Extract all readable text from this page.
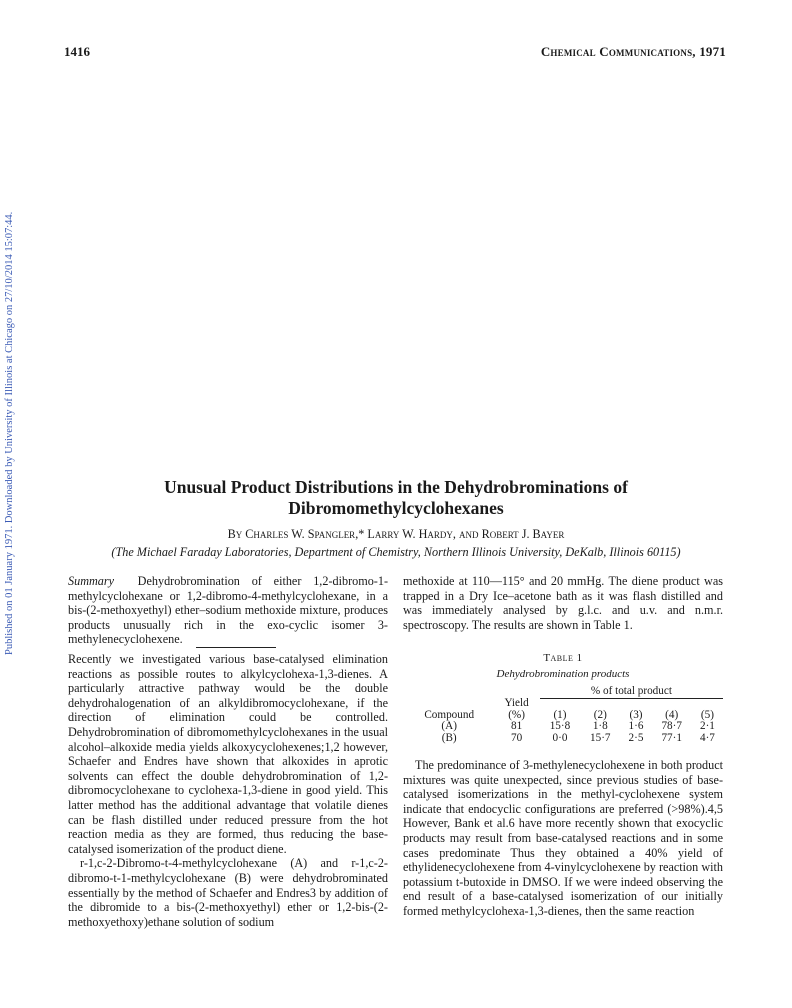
Published on 01 January 1971. Downloaded by University of Illinois at Chicago on 27/10/2014 15:07:44.
1416	Chemical Communications, 1971
Unusual Product Distributions in the Dehydrobrominations of
Dibromomethylcyclohexanes
By Charles W. Spangler,* Larry W. Hardy, and Robert J. Bayer
(The Michael Faraday Laboratories, Department of Chemistry, Northern Illinois University, DeKalb, Illinois 60115)
Summary Dehydrobromination of either 1,2-dibromo-1-methylcyclohexane or 1,2-dibromo-4-methylcyclohexane, in a bis-(2-methoxyethyl) ether–sodium methoxide mixture, produces products unusually rich in the exo-cyclic isomer 3-methylenecyclohexene.

Recently we investigated various base-catalysed elimination reactions as possible routes to alkylcyclohexa-1,3-dienes. A particularly attractive pathway would be the double dehydrohalogenation of an alkyldibromocyclohexane, if the direction of elimination could be controlled. Dehydrobromination of dibromomethylcyclohexanes in the usual alcohol–alkoxide media yields alkoxycyclohexenes;1,2 however, Schaefer and Endres have shown that alkoxides in aprotic solvents can effect the double dehydrobromination of 1,2-dibromocyclohexane to cyclohexa-1,3-diene in good yield. This latter method has the additional advantage that volatile dienes can be flash distilled under reduced pressure from the hot reaction media as they are formed, thus reducing the base-catalysed isomerization of the product diene.

r-1,c-2-Dibromo-t-4-methylcyclohexane (A) and r-1,c-2-dibromo-t-1-methylcyclohexane (B) were dehydrobrominated essentially by the method of Schaefer and Endres3 by addition of the dibromide to a bis-(2-methoxyethyl) ether or 1,2-bis-(2-methoxyethoxy)ethane solution of sodium

methoxide at 110—115° and 20 mmHg. The diene product was trapped in a Dry Ice–acetone bath as it was flash distilled and was immediately analysed by g.l.c. and u.v. and n.m.r. spectroscopy. The results are shown in Table 1.

Table 1
Dehydrobromination products
		% of total product				
	Yield					
Compound	(%)	(1)	(2)	(3)	(4)	(5)
(A)	81	15·8	1·8	1·6	78·7	2·1
(B)	70	0·0	15·7	2·5	77·1	4·7

The predominance of 3-methylenecyclohexene in both product mixtures was quite unexpected, since previous studies of base-catalysed isomerizations in the methyl-cyclohexene system indicate that endocyclic configurations are preferred (>98%).4,5 However, Bank et al.6 have more recently shown that exocyclic products may result from base-catalysed reactions and in some cases predominate Thus they obtained a 40% yield of ethylidenecyclohexene from 4-vinylcyclohexene by reaction with potassium t-butoxide in DMSO. If we were indeed observing the end result of a base-catalysed isomerization of our initially formed methylcyclohexa-1,3-dienes, then the same reaction
